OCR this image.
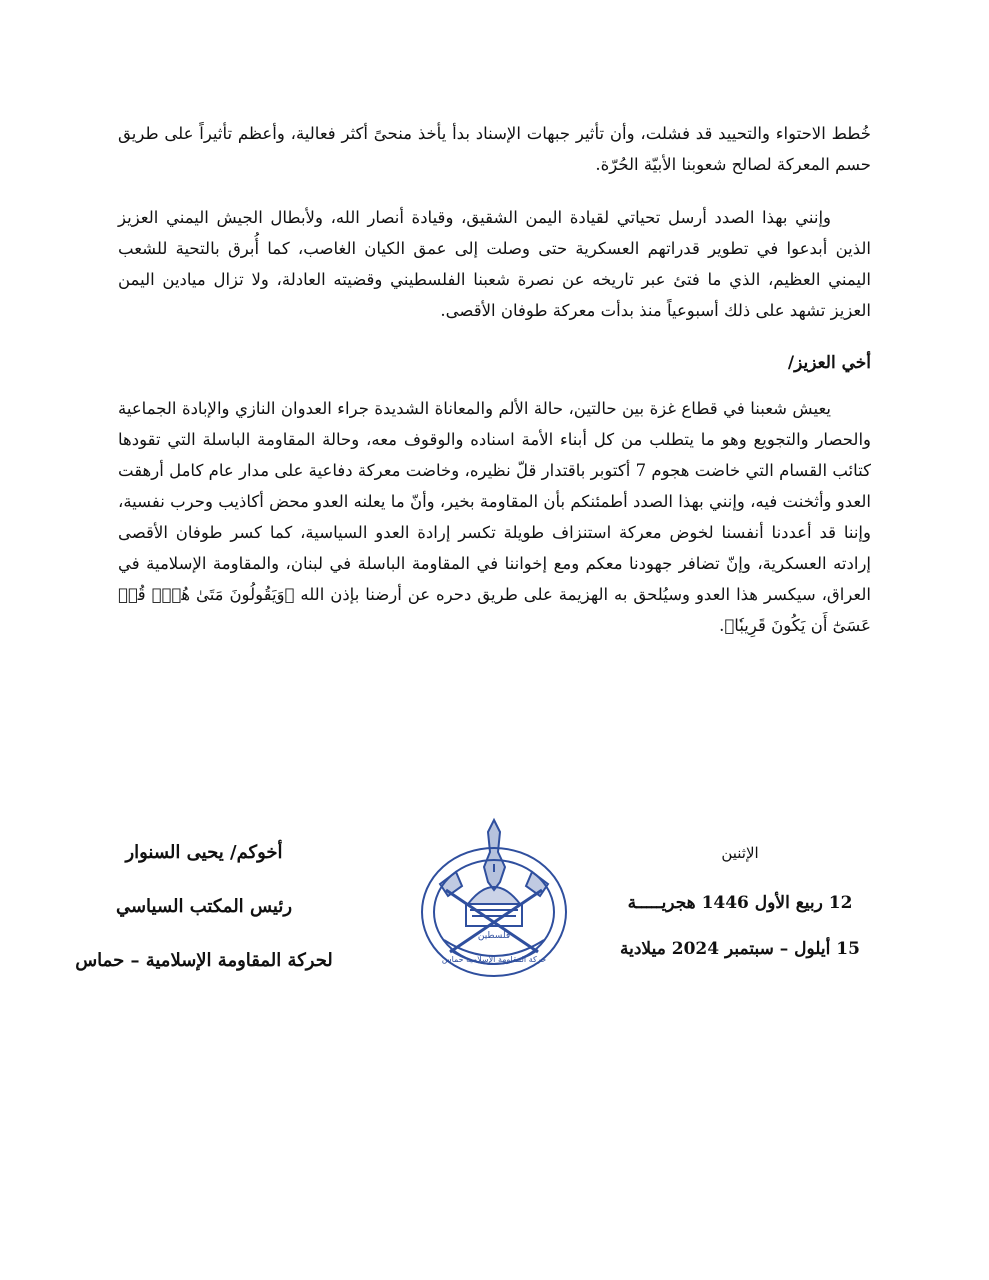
خُطط الاحتواء والتحييد قد فشلت، وأن تأثير جبهات الإسناد بدأ يأخذ منحىً أكثر فعالية، وأعظم تأثيراً على طريق حسم المعركة لصالح شعوبنا الأبيّة الحُرّة.

وإنني بهذا الصدد أرسل تحياتي لقيادة اليمن الشقيق، وقيادة أنصار الله، ولأبطال الجيش اليمني العزيز الذين أبدعوا في تطوير قدراتهم العسكرية حتى وصلت إلى عمق الكيان الغاصب، كما أُبرق بالتحية للشعب اليمني العظيم، الذي ما فتئ عبر تاريخه عن نصرة شعبنا الفلسطيني وقضيته العادلة، ولا تزال ميادين اليمن العزيز تشهد على ذلك أسبوعياً منذ بدأت معركة طوفان الأقصى.

أخي العزيز/

يعيش شعبنا في قطاع غزة بين حالتين، حالة الألم والمعاناة الشديدة جراء العدوان النازي والإبادة الجماعية والحصار والتجويع وهو ما يتطلب من كل أبناء الأمة اسناده والوقوف معه، وحالة المقاومة الباسلة التي تقودها كتائب القسام التي خاضت هجوم 7 أكتوبر باقتدار قلّ نظيره، وخاضت معركة دفاعية على مدار عام كامل أرهقت العدو وأثخنت فيه، وإنني بهذا الصدد أطمئنكم بأن المقاومة بخير، وأنّ ما يعلنه العدو محض أكاذيب وحرب نفسية، وإننا قد أعددنا أنفسنا لخوض معركة استنزاف طويلة تكسر إرادة العدو السياسية، كما كسر طوفان الأقصى إرادته العسكرية، وإنّ تضافر جهودنا معكم ومع إخواننا في المقاومة الباسلة في لبنان، والمقاومة الإسلامية في العراق، سيكسر هذا العدو وسيُلحق به الهزيمة على طريق دحره عن أرضنا بإذن الله ﴿وَيَقُولُونَ مَتَىٰ هُوَۖ قُلۡ عَسَىٰٓ أَن يَكُونَ قَرِيبٗا﴾.

أخوكم/ يحيى السنوار
رئيس المكتب السياسي
لحركة المقاومة الإسلامية – حماس
فلسطين
حركة المقاومة الإسلامية حماس
الإثنين
12 ربيع الأول 1446 هجريـــــة
15 أيلول – سبتمبر 2024 ميلادية
